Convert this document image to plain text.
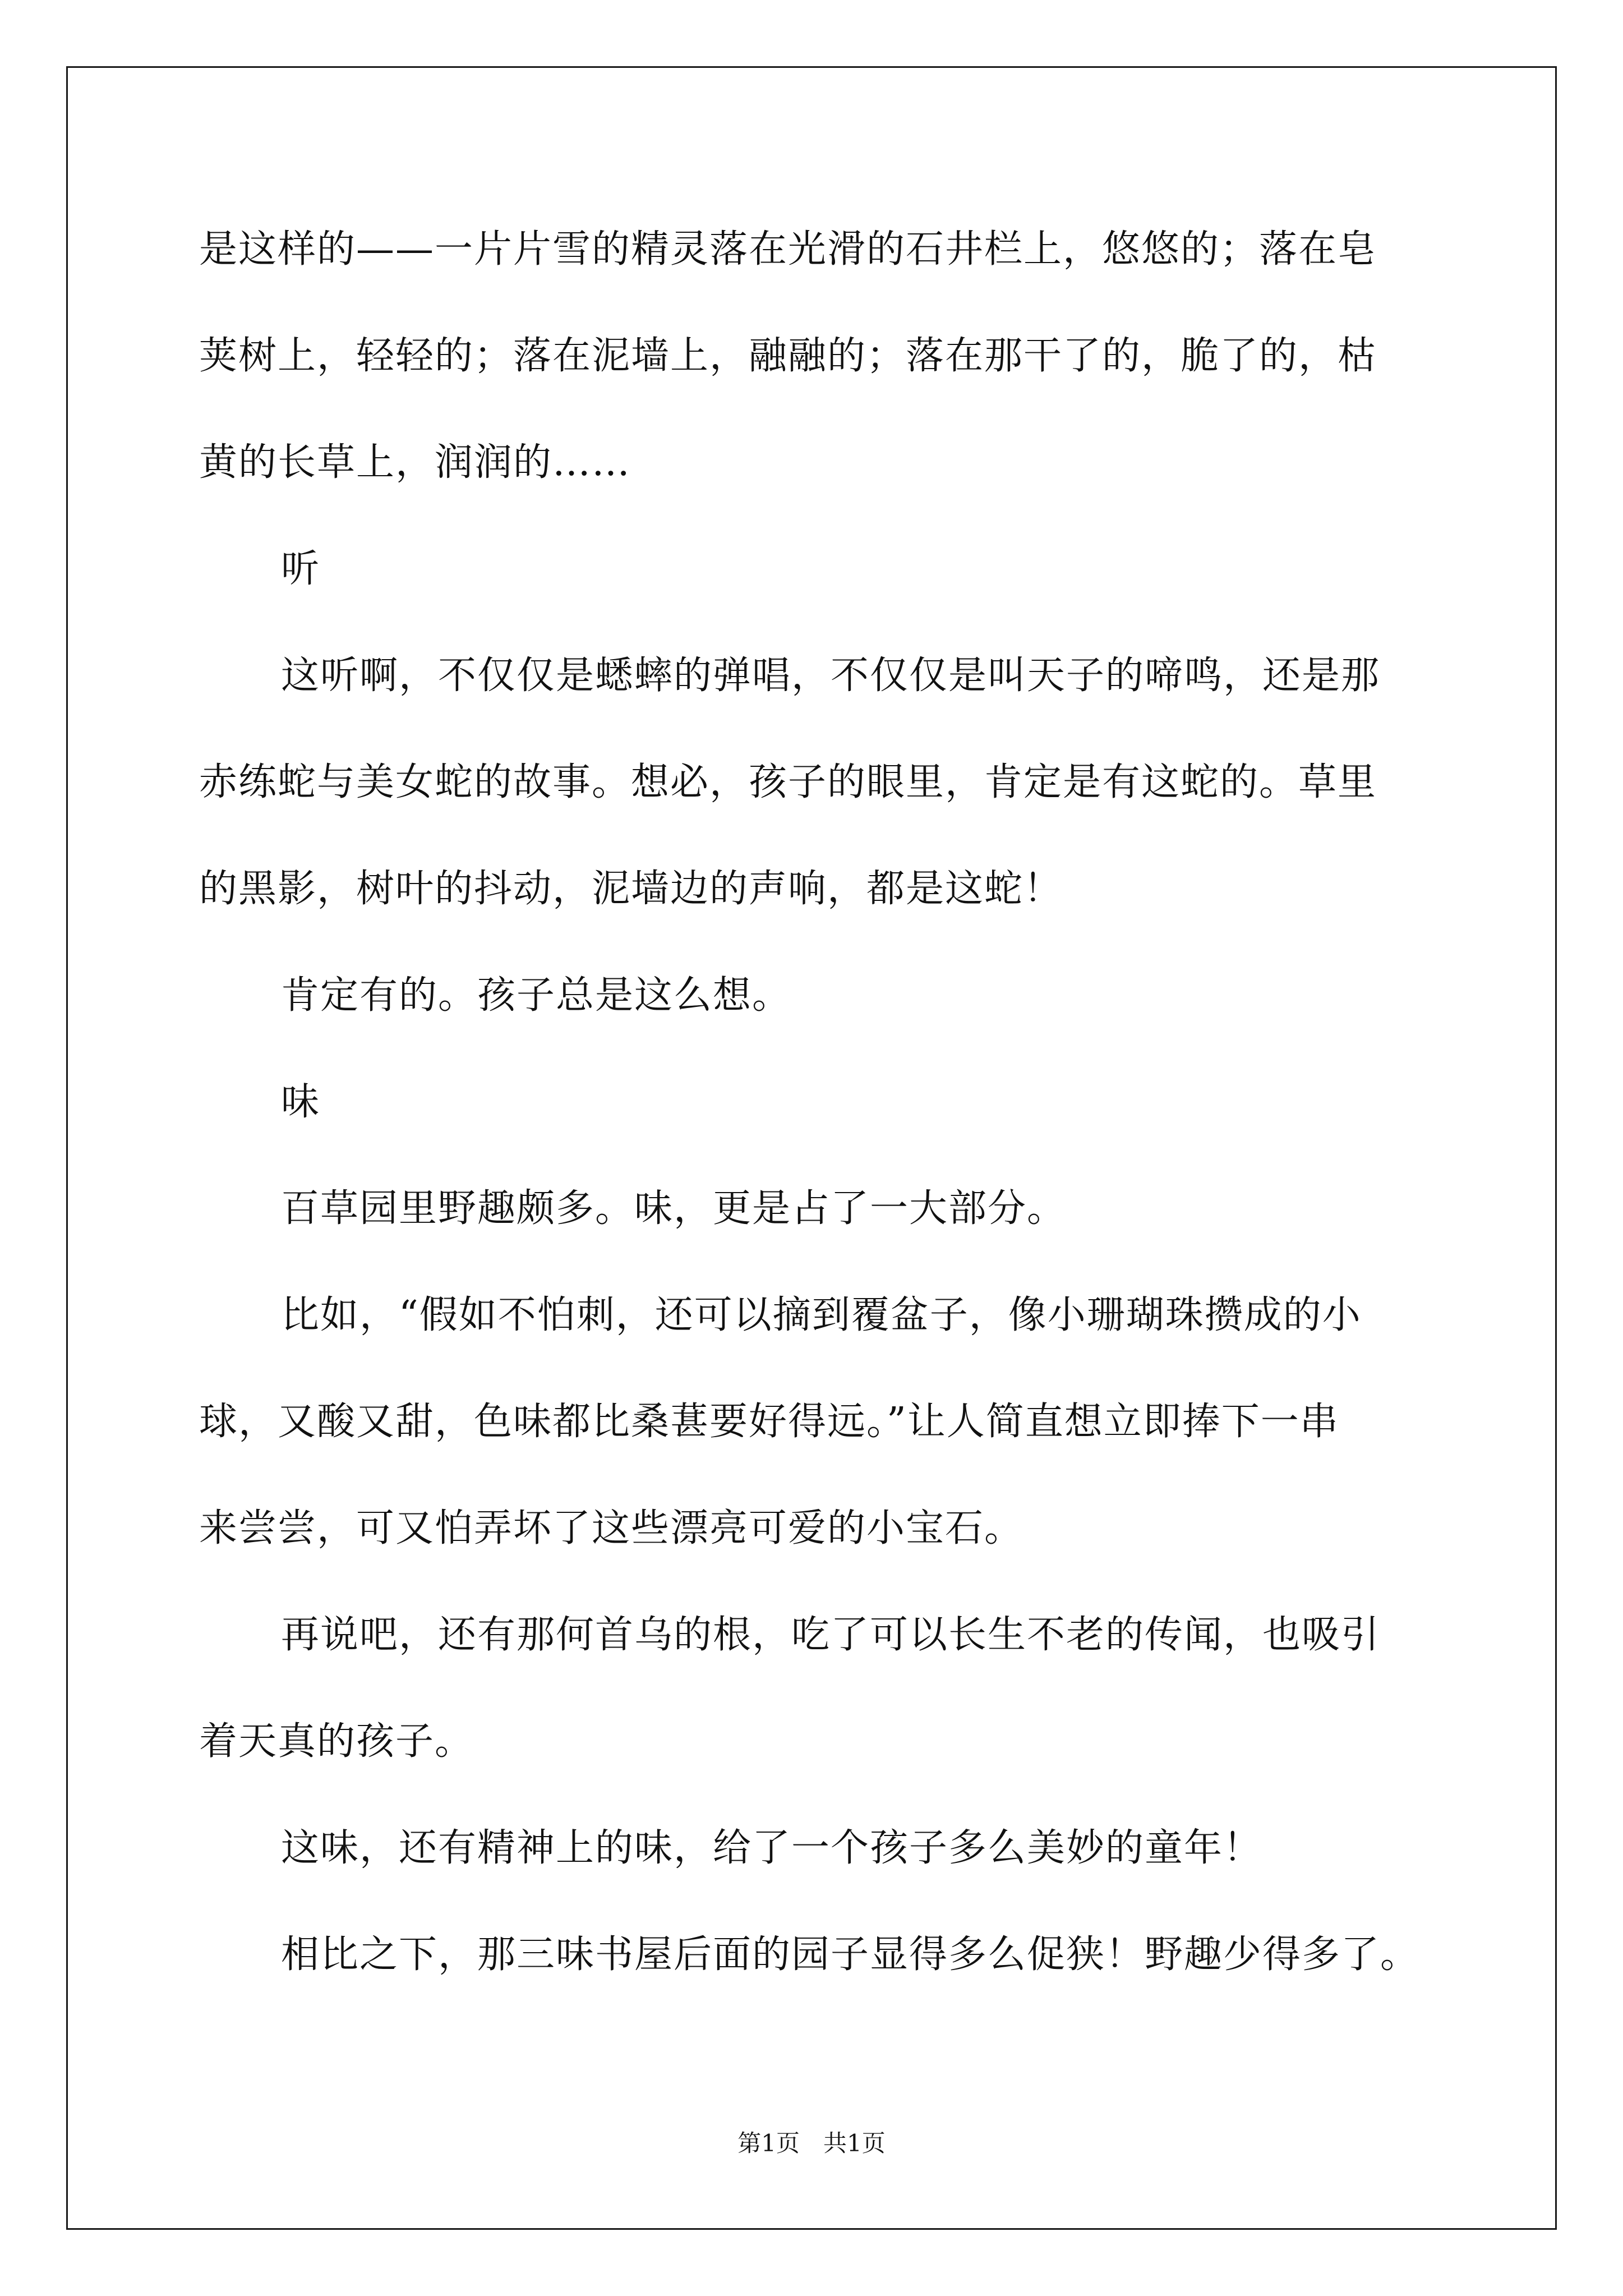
是这样的——一片片雪的精灵落在光滑的石井栏上，悠悠的；落在皂
荚树上，轻轻的；落在泥墙上，融融的；落在那干了的，脆了的，枯
黄的长草上，润润的……
听
这听啊，不仅仅是蟋蟀的弹唱，不仅仅是叫天子的啼鸣，还是那
赤练蛇与美女蛇的故事。想必，孩子的眼里，肯定是有这蛇的。草里
的黑影，树叶的抖动，泥墙边的声响，都是这蛇！
肯定有的。孩子总是这么想。
味
百草园里野趣颇多。味，更是占了一大部分。
比如，“假如不怕刺，还可以摘到覆盆子，像小珊瑚珠攒成的小
球，又酸又甜，色味都比桑葚要好得远。”让人简直想立即捧下一串
来尝尝，可又怕弄坏了这些漂亮可爱的小宝石。
再说吧，还有那何首乌的根，吃了可以长生不老的传闻，也吸引
着天真的孩子。
这味，还有精神上的味，给了一个孩子多么美妙的童年！
相比之下，那三味书屋后面的园子显得多么促狭！野趣少得多了。
第1页　共1页
